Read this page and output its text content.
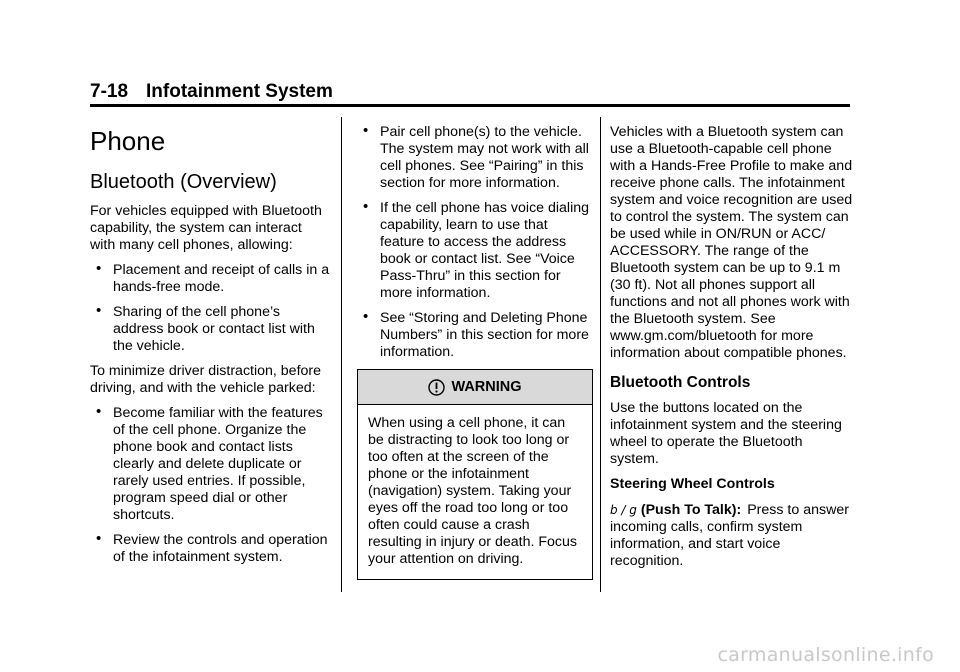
7-18 Infotainment System
Phone
Bluetooth (Overview)

For vehicles equipped with Bluetooth capability, the system can interact with many cell phones, allowing:

• Placement and receipt of calls in a hands-free mode.
• Sharing of the cell phone’s address book or contact list with the vehicle.

To minimize driver distraction, before driving, and with the vehicle parked:

• Become familiar with the features of the cell phone. Organize the phone book and contact lists clearly and delete duplicate or rarely used entries. If possible, program speed dial or other shortcuts.
• Review the controls and operation of the infotainment system.
• Pair cell phone(s) to the vehicle. The system may not work with all cell phones. See “Pairing” in this section for more information.
• If the cell phone has voice dialing capability, learn to use that feature to access the address book or contact list. See “Voice Pass-Thru” in this section for more information.
• See “Storing and Deleting Phone Numbers” in this section for more information.
WARNING
When using a cell phone, it can be distracting to look too long or too often at the screen of the phone or the infotainment (navigation) system. Taking your eyes off the road too long or too often could cause a crash resulting in injury or death. Focus your attention on driving.

Vehicles with a Bluetooth system can use a Bluetooth-capable cell phone with a Hands-Free Profile to make and receive phone calls. The infotainment system and voice recognition are used to control the system. The system can be used while in ON/RUN or ACC/ ACCESSORY. The range of the Bluetooth system can be up to 9.1 m (30 ft). Not all phones support all functions and not all phones work with the Bluetooth system. See www.gm.com/bluetooth for more information about compatible phones.

Bluetooth Controls

Use the buttons located on the infotainment system and the steering wheel to operate the Bluetooth system.

Steering Wheel Controls

b / g (Push To Talk): Press to answer incoming calls, confirm system information, and start voice recognition.

carmanualsonline.info
